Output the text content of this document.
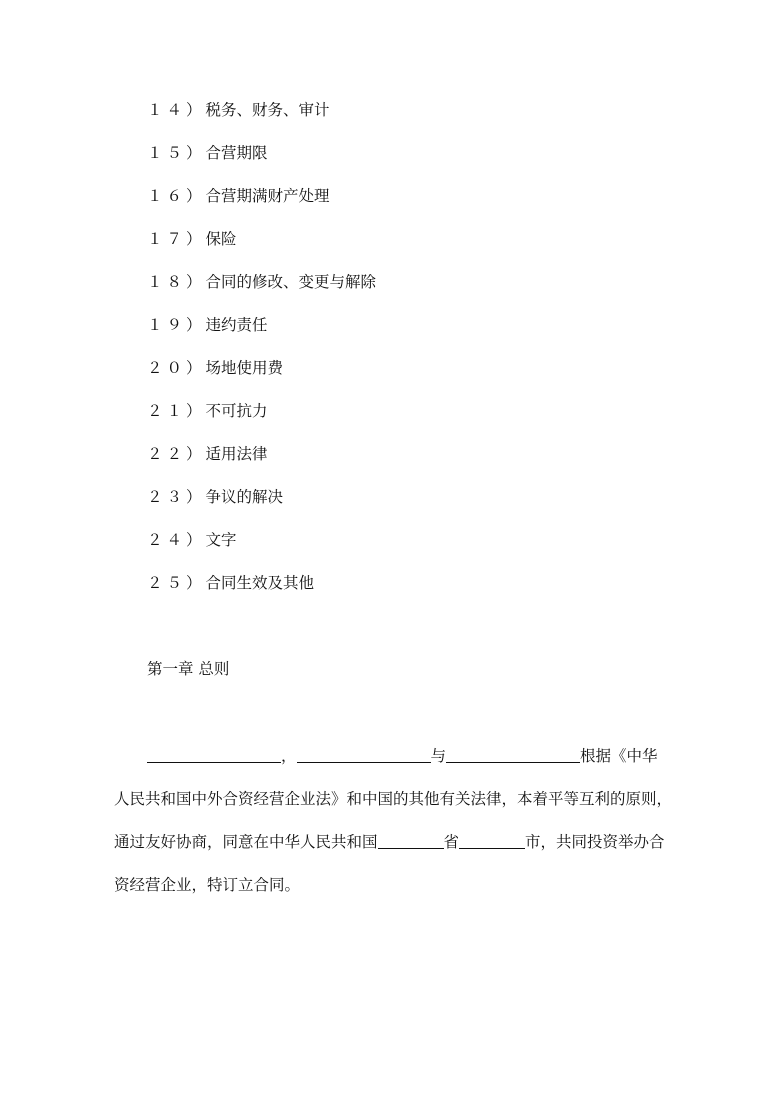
１４）税务、财务、审计
１５）合营期限
１６）合营期满财产处理
１７）保险
１８）合同的修改、变更与解除
１９）违约责任
２０）场地使用费
２１）不可抗力
２２）适用法律
２３）争议的解决
２４）文字
２５）合同生效及其他
第一章 总则
，	与	根据《中华
人民共和国中外合资经营企业法》和中国的其他有关法律，本着平等互利的原则，
通过友好协商，同意在中华人民共和国	省	市，共同投资举办合
资经营企业，特订立合同。
